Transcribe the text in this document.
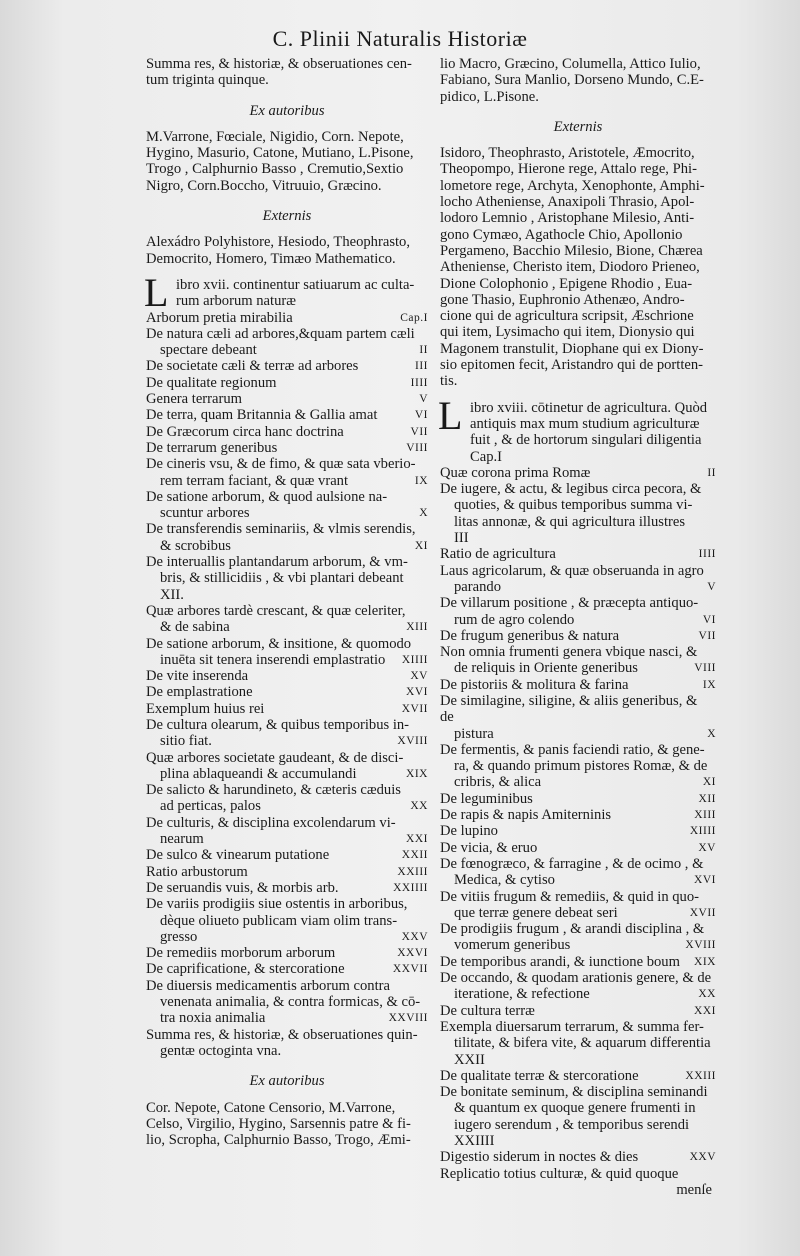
C. Plinii Naturalis Historiæ
Summa res, & historiæ, & obseruationes cen-
tum triginta quinque.
Ex autoribus
M.Varrone, Fœciale, Nigidio, Corn. Nepote,
Hygino, Masurio, Catone, Mutiano, L.Pisone,
Trogo , Calphurnio Basso , Cremutio,Sextio
Nigro, Corn.Boccho, Vitruuio, Græcino.
Externis
Alexádro Polyhistore, Hesiodo, Theophrasto,
Democrito, Homero, Timæo Mathematico.
L ibro xvii. continentur satiuarum ac culta-
rum arborum naturæ
Arborum pretia mirabilia	Cap.I
De natura cæli ad arbores,&quam partem cæli
spectare debeant	II
De societate cæli & terræ ad arbores	III
De qualitate regionum	IIII
Genera terrarum	V
De terra, quam Britannia & Gallia amat	VI
De Græcorum circa hanc doctrina	VII
De terrarum generibus	VIII
De cineris vsu, & de fimo, & quæ sata vberio-
rem terram faciant, & quæ vrant	IX
De satione arborum, & quod aulsione na-
scuntur arbores	X
De transferendis seminariis, & vlmis serendis,
& scrobibus	XI
De interuallis plantandarum arborum, & vm-
bris, & stillicidiis , & vbi plantari debeant
XII.
Quæ arbores tardè crescant, & quæ celeriter,
& de sabina	XIII
De satione arborum, & insitione, & quomodo
inuēta sit tenera inserendi emplastratio	XIIII
De vite inserenda	XV
De emplastratione	XVI
Exemplum huius rei	XVII
De cultura olearum, & quibus temporibus in-
sitio fiat.	XVIII
Quæ arbores societate gaudeant, & de disci-
plina ablaqueandi & accumulandi	XIX
De salicto & harundineto, & cæteris cæduis
ad perticas, palos	XX
De culturis, & disciplina excolendarum vi-
nearum	XXI
De sulco & vinearum putatione	XXII
Ratio arbustorum	XXIII
De seruandis vuis, & morbis arb.	XXIIII
De variis prodigiis siue ostentis in arboribus,
dèque oliueto publicam viam olim trans-
gresso	XXV
De remediis morborum arborum	XXVI
De caprificatione, & stercoratione	XXVII
De diuersis medicamentis arborum contra
venenata animalia, & contra formicas, & cō-
tra noxia animalia	XXVIII
Summa res, & historiæ, & obseruationes quin-
gentæ octoginta vna.
Ex autoribus
Cor. Nepote, Catone Censorio, M.Varrone,
Celso, Virgilio, Hygino, Sarsennis patre & fi-
lio, Scropha, Calphurnio Basso, Trogo, Æmi-
lio Macro, Græcino, Columella, Attico Iulio,
Fabiano, Sura Manlio, Dorseno Mundo, C.E-
pidico, L.Pisone.
Externis
Isidoro, Theophrasto, Aristotele, Æmocrito,
Theopompo, Hierone rege, Attalo rege, Phi-
lometore rege, Archyta, Xenophonte, Amphi-
locho Atheniense, Anaxipoli Thrasio, Apol-
lodoro Lemnio , Aristophane Milesio, Anti-
gono Cymæo, Agathocle Chio, Apollonio
Pergameno, Bacchio Milesio, Bione, Chærea
Atheniense, Cheristo item, Diodoro Prieneo,
Dione Colophonio , Epigene Rhodio , Eua-
gone Thasio, Euphronio Athenæo, Andro-
cione qui de agricultura scripsit, Æschrione
qui item, Lysimacho qui item, Dionysio qui
Magonem transtulit, Diophane qui ex Diony-
sio epitomen fecit, Aristandro qui de portten-
tis.
L ibro xviii. cōtinetur de agricultura. Quòd
antiquis max mum studium agriculturæ
fuit , & de hortorum singulari diligentia
Cap.I
Quæ corona prima Romæ	II
De iugere, & actu, & legibus circa pecora, &
quoties, & quibus temporibus summa vi-
litas annonæ, & qui agricultura illustres
III
Ratio de agricultura	IIII
Laus agricolarum, & quæ obseruanda in agro
parando	V
De villarum positione , & præcepta antiquo-
rum de agro colendo	VI
De frugum generibus & natura	VII
Non omnia frumenti genera vbique nasci, &
de reliquis in Oriente generibus	VIII
De pistoriis & molitura & farina	IX
De similagine, siligine, & aliis generibus, & de
pistura	X
De fermentis, & panis faciendi ratio, & gene-
ra, & quando primum pistores Romæ, & de
cribris, & alica	XI
De leguminibus	XII
De rapis & napis Amiterninis	XIII
De lupino	XIIII
De vicia, & eruo	XV
De fœnogræco, & farragine , & de ocimo , &
Medica, & cytiso	XVI
De vitiis frugum & remediis, & quid in quo-
que terræ genere debeat seri	XVII
De prodigiis frugum , & arandi disciplina , &
vomerum generibus	XVIII
De temporibus arandi, & iunctione boum	XIX
De occando, & quodam arationis genere, & de
iteratione, & refectione	XX
De cultura terræ	XXI
Exempla diuersarum terrarum, & summa fer-
tilitate, & bifera vite, & aquarum differentia
XXII
De qualitate terræ & stercoratione	XXIII
De bonitate seminum, & disciplina seminandi
& quantum ex quoque genere frumenti in
iugero serendum , & temporibus serendi
XXIIII
Digestio siderum in noctes & dies	XXV
Replicatio totius culturæ, & quid quoque
menſe
